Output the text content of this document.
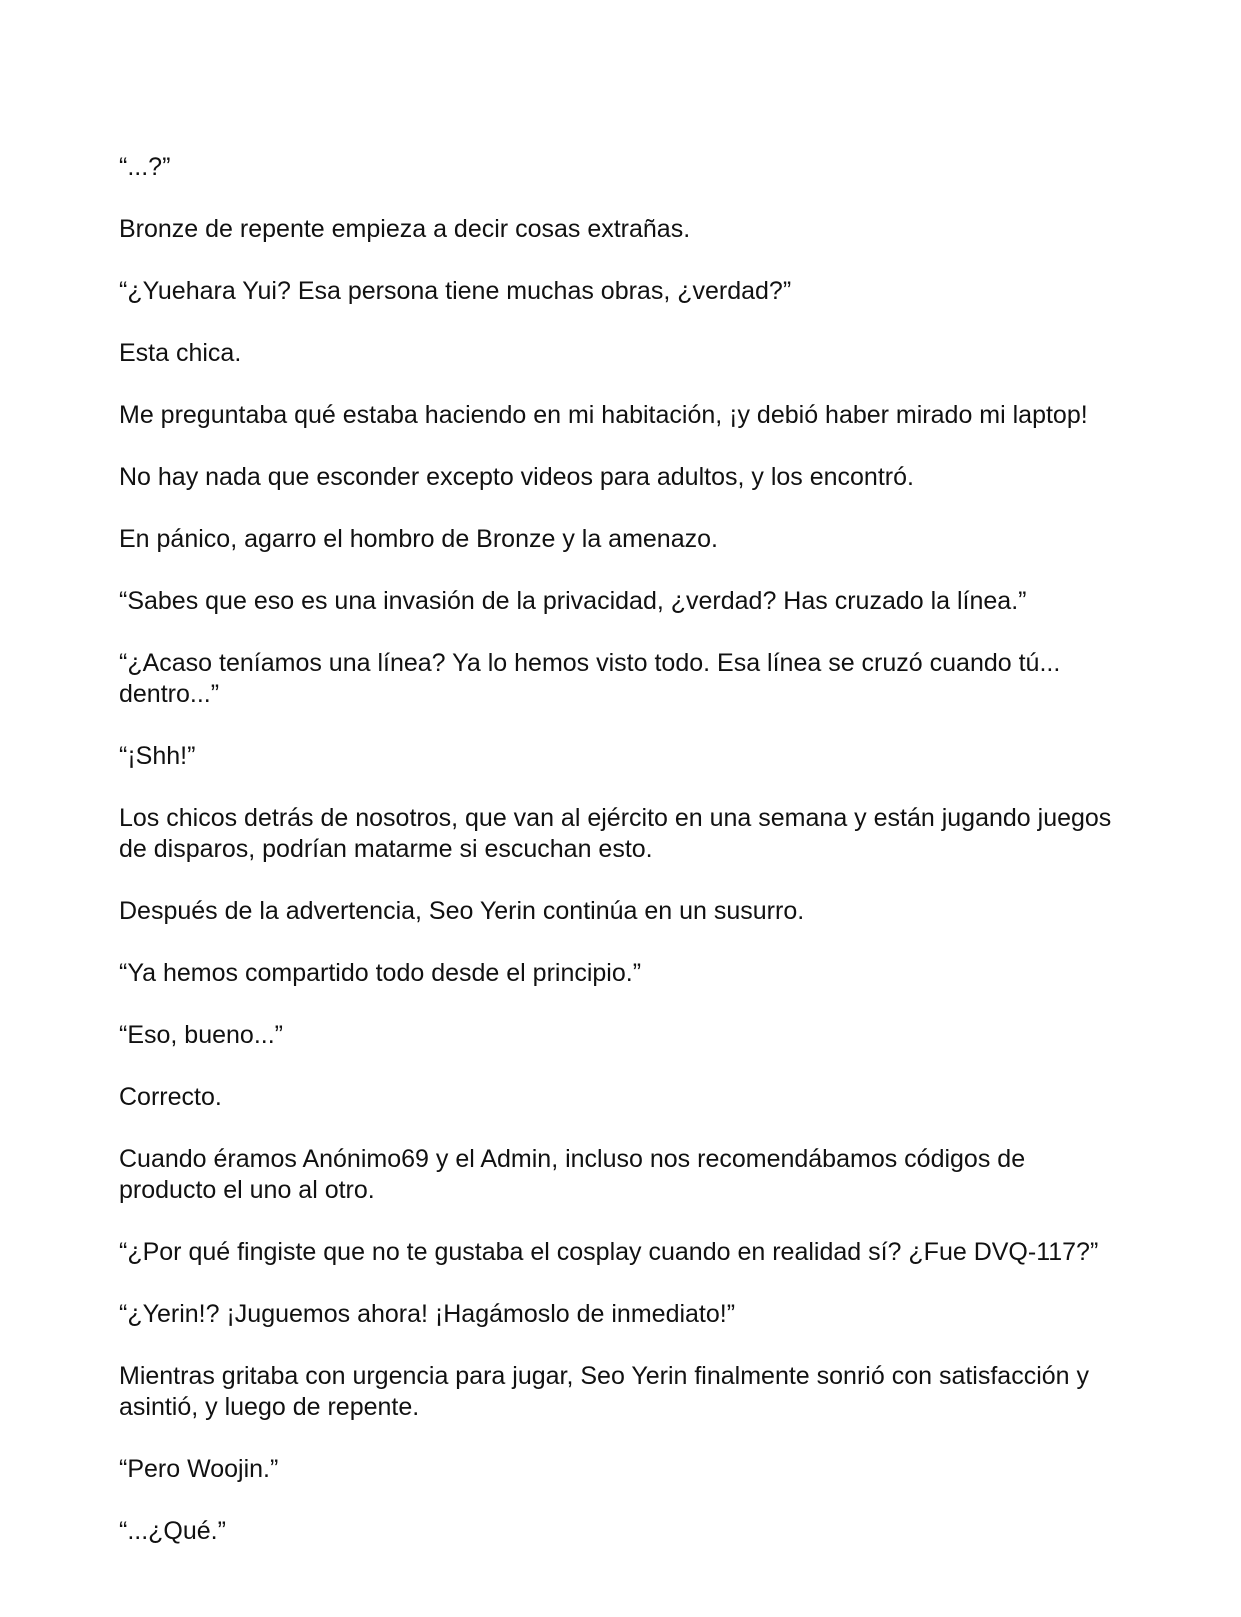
“...?”

Bronze de repente empieza a decir cosas extrañas.

“¿Yuehara Yui? Esa persona tiene muchas obras, ¿verdad?”

Esta chica.

Me preguntaba qué estaba haciendo en mi habitación, ¡y debió haber mirado mi laptop!

No hay nada que esconder excepto videos para adultos, y los encontró.

En pánico, agarro el hombro de Bronze y la amenazo.

“Sabes que eso es una invasión de la privacidad, ¿verdad? Has cruzado la línea.”

“¿Acaso teníamos una línea? Ya lo hemos visto todo. Esa línea se cruzó cuando tú... dentro...”

“¡Shh!”

Los chicos detrás de nosotros, que van al ejército en una semana y están jugando juegos de disparos, podrían matarme si escuchan esto.

Después de la advertencia, Seo Yerin continúa en un susurro.

“Ya hemos compartido todo desde el principio.”

“Eso, bueno...”

Correcto.

Cuando éramos Anónimo69 y el Admin, incluso nos recomendábamos códigos de producto el uno al otro.

“¿Por qué fingiste que no te gustaba el cosplay cuando en realidad sí? ¿Fue DVQ-117?”

“¿Yerin!? ¡Juguemos ahora! ¡Hagámoslo de inmediato!”

Mientras gritaba con urgencia para jugar, Seo Yerin finalmente sonrió con satisfacción y asintió, y luego de repente.

“Pero Woojin.”

“...¿Qué.”
